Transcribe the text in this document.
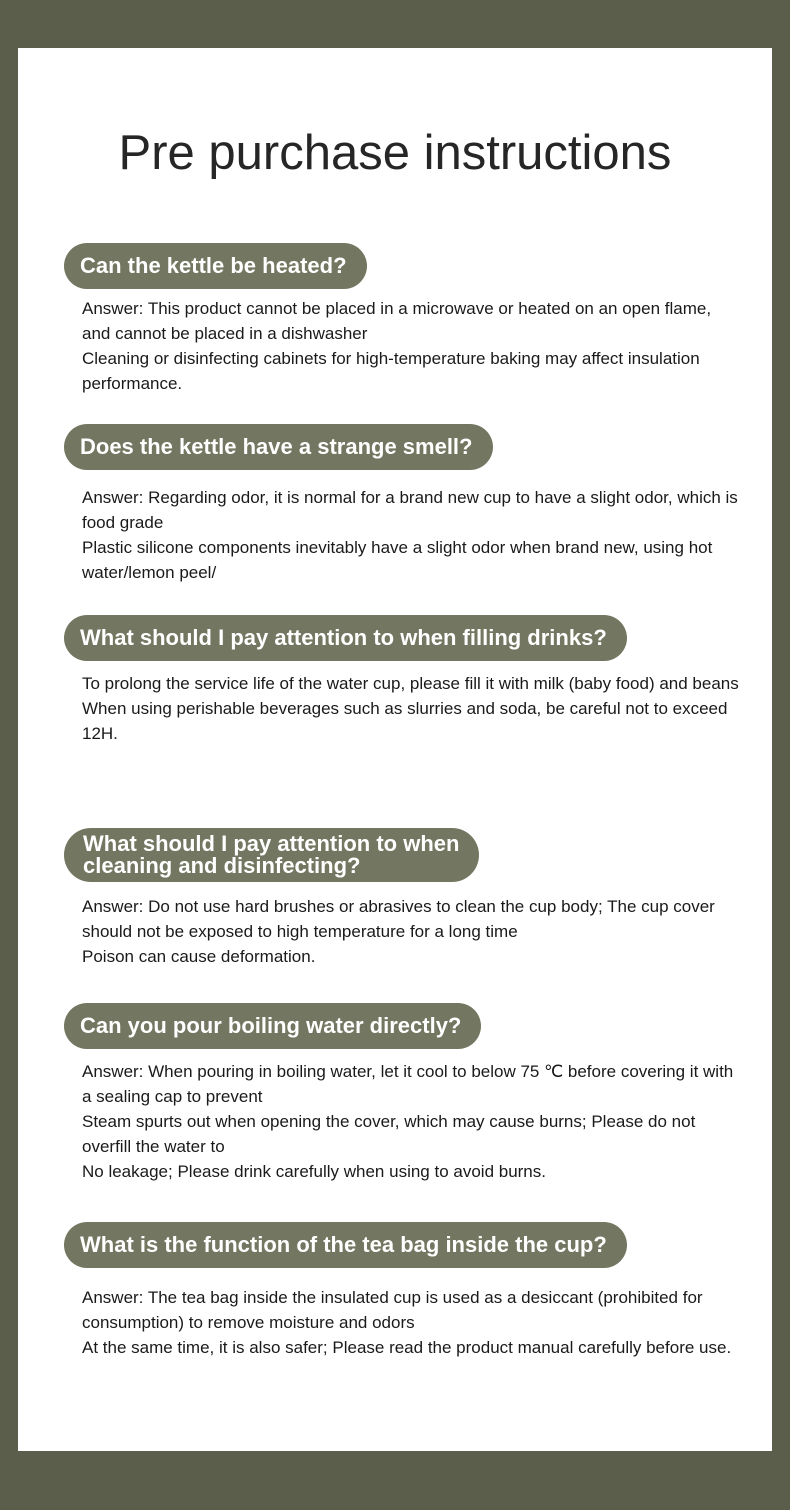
Pre purchase instructions
Can the kettle be heated?

Answer: This product cannot be placed in a microwave or heated on an open flame, and cannot be placed in a dishwasher

Cleaning or disinfecting cabinets for high-temperature baking may affect insulation performance.

Does the kettle have a strange smell?

Answer: Regarding odor, it is normal for a brand new cup to have a slight odor, which is food grade

Plastic silicone components inevitably have a slight odor when brand new, using hot water/lemon peel/

What should I pay attention to when filling drinks?

To prolong the service life of the water cup, please fill it with milk (baby food) and beans

When using perishable beverages such as slurries and soda, be careful not to exceed 12H.

What should I pay attention to when
cleaning and disinfecting?

Answer: Do not use hard brushes or abrasives to clean the cup body; The cup cover should not be exposed to high temperature for a long time

Poison can cause deformation.

Can you pour boiling water directly?

Answer: When pouring in boiling water, let it cool to below 75 ℃ before covering it with a sealing cap to prevent

Steam spurts out when opening the cover, which may cause burns; Please do not overfill the water to

No leakage; Please drink carefully when using to avoid burns.

What is the function of the tea bag inside the cup?

Answer: The tea bag inside the insulated cup is used as a desiccant (prohibited for consumption) to remove moisture and odors

At the same time, it is also safer; Please read the product manual carefully before use.
